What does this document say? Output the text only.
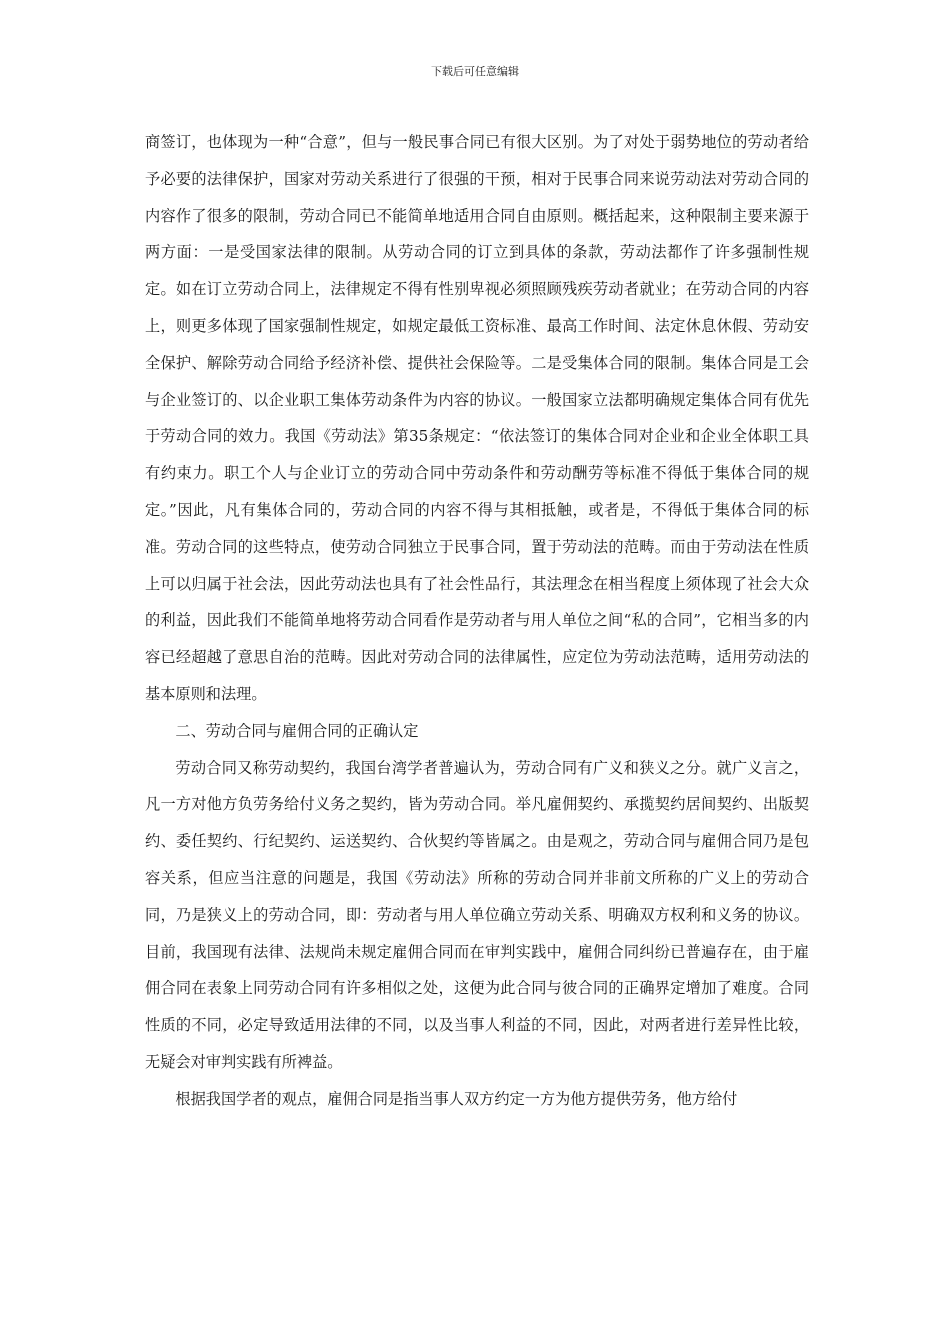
下载后可任意编辑

商签订，也体现为一种“合意”，但与一般民事合同已有很大区别。为了对处于弱势地位的劳动者给予必要的法律保护，国家对劳动关系进行了很强的干预，相对于民事合同来说劳动法对劳动合同的内容作了很多的限制，劳动合同已不能简单地适用合同自由原则。概括起来，这种限制主要来源于两方面：一是受国家法律的限制。从劳动合同的订立到具体的条款，劳动法都作了许多强制性规定。如在订立劳动合同上，法律规定不得有性别卑视必须照顾残疾劳动者就业；在劳动合同的内容上，则更多体现了国家强制性规定，如规定最低工资标准、最高工作时间、法定休息休假、劳动安全保护、解除劳动合同给予经济补偿、提供社会保险等。二是受集体合同的限制。集体合同是工会与企业签订的、以企业职工集体劳动条件为内容的协议。一般国家立法都明确规定集体合同有优先于劳动合同的效力。我国《劳动法》第35条规定：“依法签订的集体合同对企业和企业全体职工具有约束力。职工个人与企业订立的劳动合同中劳动条件和劳动酬劳等标准不得低于集体合同的规定。”因此，凡有集体合同的，劳动合同的内容不得与其相抵触，或者是，不得低于集体合同的标准。劳动合同的这些特点，使劳动合同独立于民事合同，置于劳动法的范畴。而由于劳动法在性质上可以归属于社会法，因此劳动法也具有了社会性品行，其法理念在相当程度上须体现了社会大众的利益，因此我们不能简单地将劳动合同看作是劳动者与用人单位之间“私的合同”，它相当多的内容已经超越了意思自治的范畴。因此对劳动合同的法律属性，应定位为劳动法范畴，适用劳动法的基本原则和法理。

二、劳动合同与雇佣合同的正确认定

劳动合同又称劳动契约，我国台湾学者普遍认为，劳动合同有广义和狭义之分。就广义言之，凡一方对他方负劳务给付义务之契约，皆为劳动合同。举凡雇佣契约、承揽契约居间契约、出版契约、委任契约、行纪契约、运送契约、合伙契约等皆属之。由是观之，劳动合同与雇佣合同乃是包容关系，但应当注意的问题是，我国《劳动法》所称的劳动合同并非前文所称的广义上的劳动合同，乃是狭义上的劳动合同，即：劳动者与用人单位确立劳动关系、明确双方权利和义务的协议。目前，我国现有法律、法规尚未规定雇佣合同而在审判实践中，雇佣合同纠纷已普遍存在，由于雇佣合同在表象上同劳动合同有许多相似之处，这便为此合同与彼合同的正确界定增加了难度。合同性质的不同，必定导致适用法律的不同，以及当事人利益的不同，因此，对两者进行差异性比较，无疑会对审判实践有所裨益。

根据我国学者的观点，雇佣合同是指当事人双方约定一方为他方提供劳务，他方给付
